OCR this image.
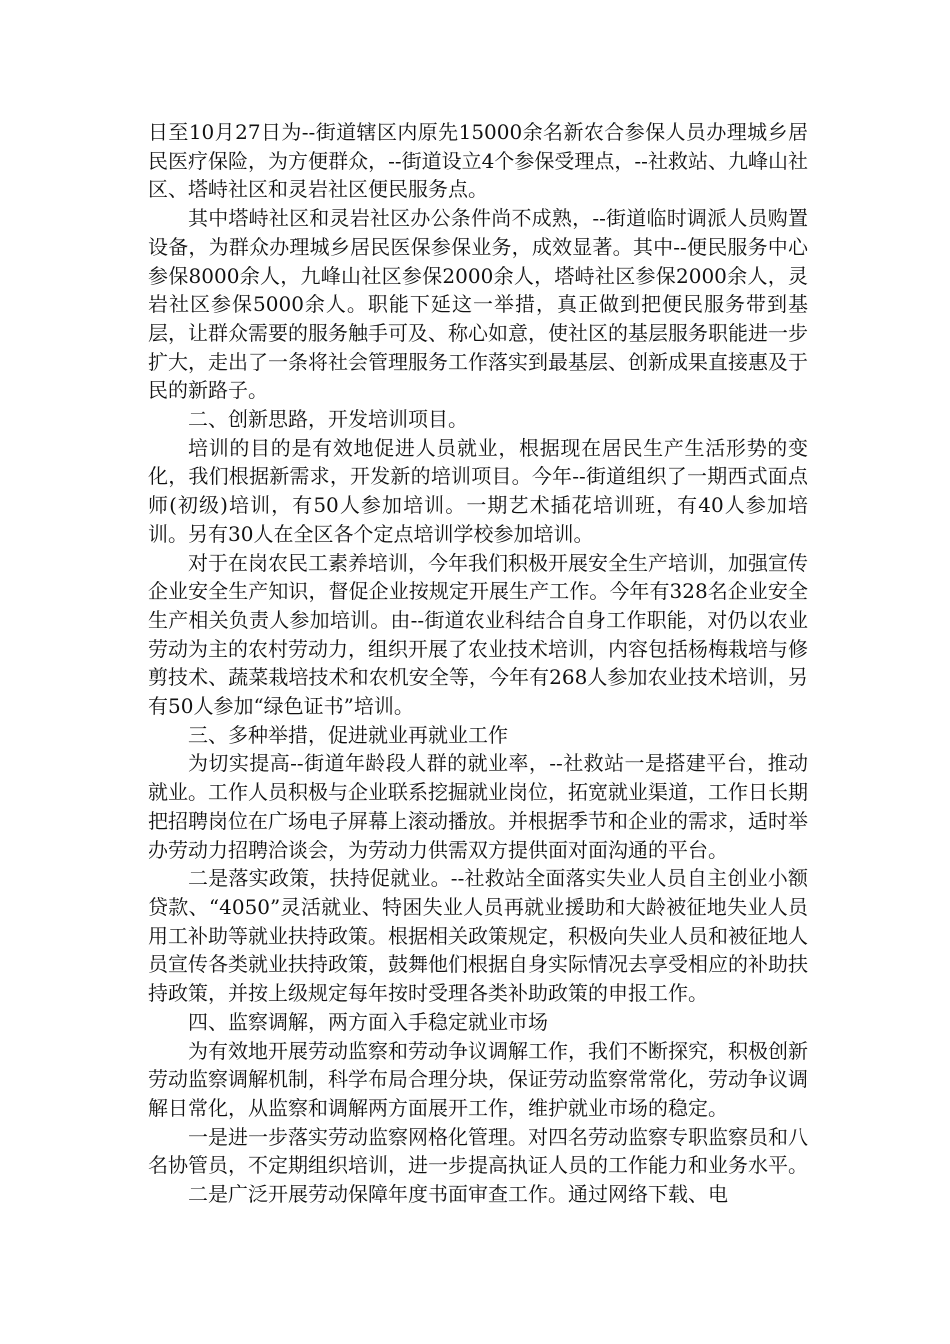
日至10月27日为--街道辖区内原先15000余名新农合参保人员办理城乡居民医疗保险，为方便群众，--街道设立4个参保受理点，--社救站、九峰山社区、塔峙社区和灵岩社区便民服务点。

其中塔峙社区和灵岩社区办公条件尚不成熟，--街道临时调派人员购置设备，为群众办理城乡居民医保参保业务，成效显著。其中--便民服务中心参保8000余人，九峰山社区参保2000余人，塔峙社区参保2000余人，灵岩社区参保5000余人。职能下延这一举措，真正做到把便民服务带到基层，让群众需要的服务触手可及、称心如意，使社区的基层服务职能进一步扩大，走出了一条将社会管理服务工作落实到最基层、创新成果直接惠及于民的新路子。

二、创新思路，开发培训项目。

培训的目的是有效地促进人员就业，根据现在居民生产生活形势的变化，我们根据新需求，开发新的培训项目。今年--街道组织了一期西式面点师(初级)培训，有50人参加培训。一期艺术插花培训班，有40人参加培训。另有30人在全区各个定点培训学校参加培训。

对于在岗农民工素养培训，今年我们积极开展安全生产培训，加强宣传企业安全生产知识，督促企业按规定开展生产工作。今年有328名企业安全生产相关负责人参加培训。由--街道农业科结合自身工作职能，对仍以农业劳动为主的农村劳动力，组织开展了农业技术培训，内容包括杨梅栽培与修剪技术、蔬菜栽培技术和农机安全等，今年有268人参加农业技术培训，另有50人参加“绿色证书”培训。

三、多种举措，促进就业再就业工作

为切实提高--街道年龄段人群的就业率，--社救站一是搭建平台，推动就业。工作人员积极与企业联系挖掘就业岗位，拓宽就业渠道，工作日长期把招聘岗位在广场电子屏幕上滚动播放。并根据季节和企业的需求，适时举办劳动力招聘洽谈会，为劳动力供需双方提供面对面沟通的平台。

二是落实政策，扶持促就业。--社救站全面落实失业人员自主创业小额贷款、“4050”灵活就业、特困失业人员再就业援助和大龄被征地失业人员用工补助等就业扶持政策。根据相关政策规定，积极向失业人员和被征地人员宣传各类就业扶持政策，鼓舞他们根据自身实际情况去享受相应的补助扶持政策，并按上级规定每年按时受理各类补助政策的申报工作。

四、监察调解，两方面入手稳定就业市场

为有效地开展劳动监察和劳动争议调解工作，我们不断探究，积极创新劳动监察调解机制，科学布局合理分块，保证劳动监察常常化，劳动争议调解日常化，从监察和调解两方面展开工作，维护就业市场的稳定。

一是进一步落实劳动监察网格化管理。对四名劳动监察专职监察员和八名协管员，不定期组织培训，进一步提高执证人员的工作能力和业务水平。

二是广泛开展劳动保障年度书面审查工作。通过网络下载、电
